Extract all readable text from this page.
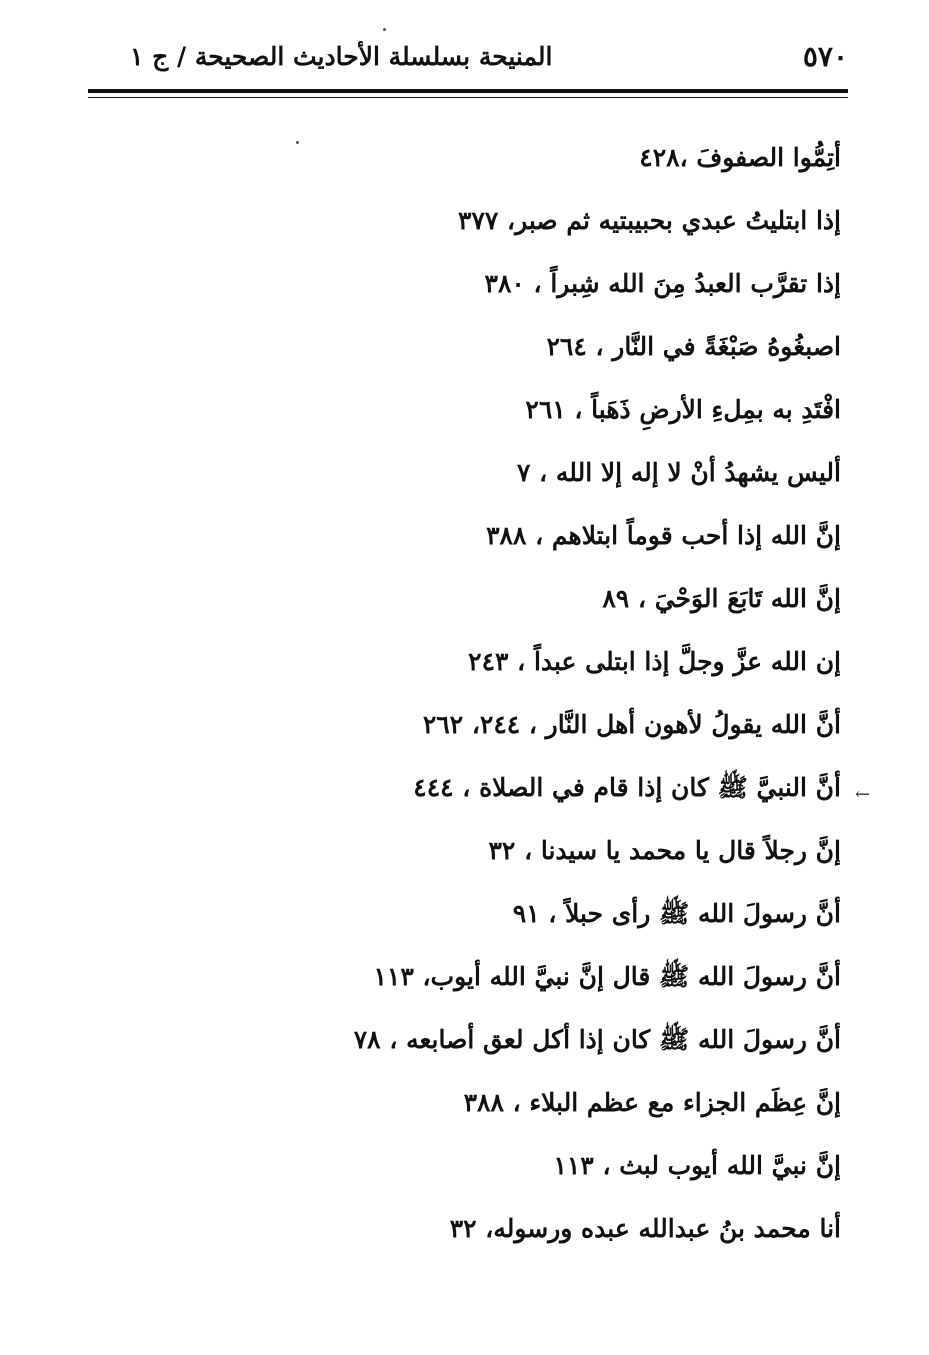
٥٧٠
المنيحة بسلسلة الأحاديث الصحيحة / ج ١
أتِمُّوا الصفوفَ ،٤٢٨
إذا ابتليتُ عبدي بحبيبتيه ثم صبر، ٣٧٧
إذا تقرَّب العبدُ مِنَ الله شِبراً ، ٣٨٠
اصبغُوهُ صَبْغَةً في النَّار ، ٢٦٤
افْتَدِ به بمِلءِ الأرضِ ذَهَباً ، ٢٦١
أليس يشهدُ أنْ لا إله إلا الله ، ٧
إنَّ الله إذا أحب قوماً ابتلاهم ، ٣٨٨
إنَّ الله تَابَعَ الوَحْيَ ، ٨٩
إن الله عزَّ وجلَّ إذا ابتلى عبداً ، ٢٤٣
أنَّ الله يقولُ لأهون أهل النَّار ، ٢٤٤، ٢٦٢
أنَّ النبيَّ ﷺ كان إذا قام في الصلاة ، ٤٤٤
إنَّ رجلاً قال يا محمد يا سيدنا ، ٣٢
أنَّ رسولَ الله ﷺ رأى حبلاً ، ٩١
أنَّ رسولَ الله ﷺ قال إنَّ نبيَّ الله أيوب، ١١٣
أنَّ رسولَ الله ﷺ كان إذا أكل لعق أصابعه ، ٧٨
إنَّ عِظَم الجزاء مع عظم البلاء ، ٣٨٨
إنَّ نبيَّ الله أيوب لبث ، ١١٣
أنا محمد بنُ عبدالله عبده ورسوله، ٣٢
←
